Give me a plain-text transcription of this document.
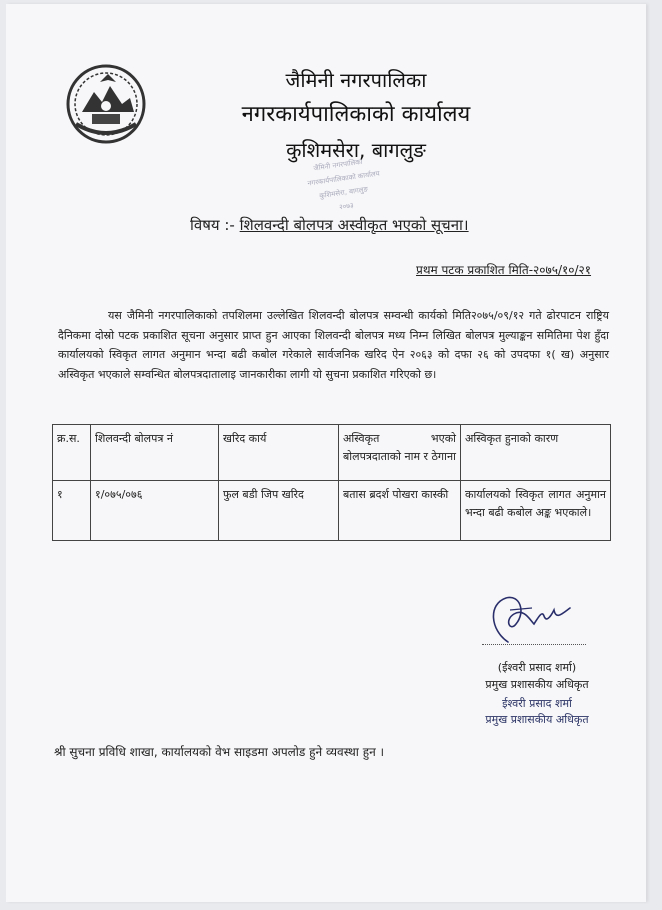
जैमिनी नगरपालिका
नगरकार्यपालिकाको कार्यालय
कुशिमसेरा, बागलुङ
जैमिनी नगरपालिका
नगरकार्यपालिकाको कार्यालय
कुशिमसेरा, बागलुङ
२०७३
विषय :- शिलवन्दी बोलपत्र अस्वीकृत भएको सूचना।
प्रथम पटक प्रकाशित मिति-२०७५/१०/२१
यस जैमिनी नगरपालिकाको तपशिलमा उल्लेखित शिलवन्दी बोलपत्र सम्वन्धी कार्यको मिति२०७५/०९/१२ गते ढोरपाटन राष्ट्रिय दैनिकमा दोस्रो पटक प्रकाशित सूचना अनुसार प्राप्त हुन आएका शिलवन्दी बोलपत्र मध्य निम्न लिखित बोलपत्र मुल्याङ्कन समितिमा पेश हुँदा कार्यालयको स्विकृत लागत अनुमान भन्दा बढी कबोल गरेकाले सार्वजनिक खरिद ऐन २०६३ को दफा २६ को उपदफा १( ख) अनुसार अस्विकृत भएकाले सम्वन्धित बोलपत्रदातालाइ जानकारीका लागी यो सुचना प्रकाशित गरिएको छ।
क्र.स.	शिलवन्दी बोलपत्र नं	खरिद कार्य	अस्विकृत भएको बोलपत्रदाताको नाम र ठेगाना	अस्विकृत हुनाको कारण
१	१/०७५/०७६	फुल बडी जिप खरिद	बतास ब्रदर्श पोखरा कास्की	कार्यालयको स्विकृत लागत अनुमान भन्दा बढी कबोल अङ्क भएकाले।
(ईश्वरी प्रसाद शर्मा)
प्रमुख प्रशासकीय अधिकृत
ईश्वरी प्रसाद शर्मा
प्रमुख प्रशासकीय अधिकृत
श्री सुचना प्रविधि शाखा, कार्यालयको वेभ साइडमा अपलोड हुने व्यवस्था हुन ।
